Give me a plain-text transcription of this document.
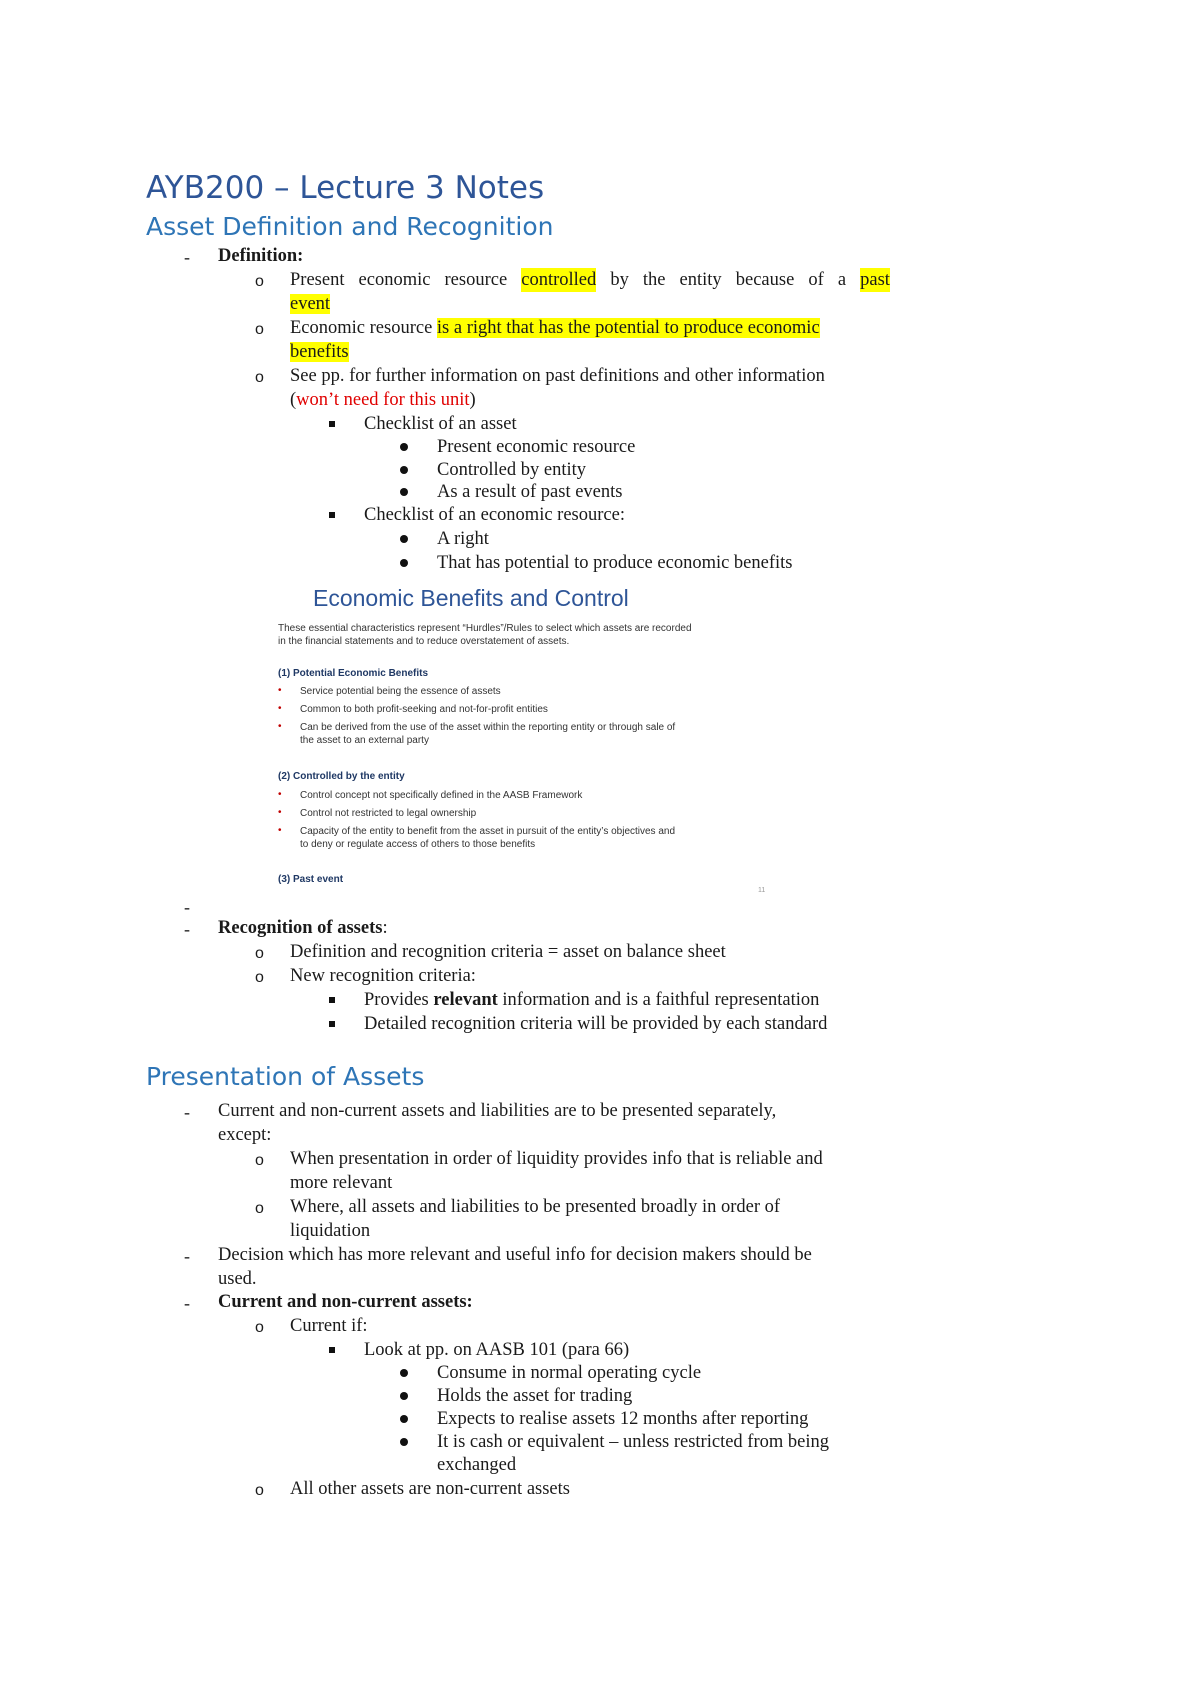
AYB200 – Lecture 3 Notes
Asset Definition and Recognition
- Definition:
o Present economic resource controlled by the entity because of a past
event
o Economic resource is a right that has the potential to produce economic
benefits
o See pp. for further information on past definitions and other information
(won’t need for this unit)
Checklist of an asset
Present economic resource
Controlled by entity
As a result of past events
Checklist of an economic resource:
A right
That has potential to produce economic benefits
Economic Benefits and Control
These essential characteristics represent “Hurdles”/Rules to select which assets are recorded
in the financial statements and to reduce overstatement of assets.
(1) Potential Economic Benefits
• Service potential being the essence of assets
• Common to both profit-seeking and not-for-profit entities
• Can be derived from the use of the asset within the reporting entity or through sale of
the asset to an external party
(2) Controlled by the entity
• Control concept not specifically defined in the AASB Framework
• Control not restricted to legal ownership
• Capacity of the entity to benefit from the asset in pursuit of the entity’s objectives and
to deny or regulate access of others to those benefits
(3) Past event
11
-
- Recognition of assets:
o Definition and recognition criteria = asset on balance sheet
o New recognition criteria:
Provides relevant information and is a faithful representation
Detailed recognition criteria will be provided by each standard
Presentation of Assets
- Current and non-current assets and liabilities are to be presented separately,
except:
o When presentation in order of liquidity provides info that is reliable and
more relevant
o Where, all assets and liabilities to be presented broadly in order of
liquidation
- Decision which has more relevant and useful info for decision makers should be
used.
- Current and non-current assets:
o Current if:
Look at pp. on AASB 101 (para 66)
Consume in normal operating cycle
Holds the asset for trading
Expects to realise assets 12 months after reporting
It is cash or equivalent – unless restricted from being
exchanged
o All other assets are non-current assets
